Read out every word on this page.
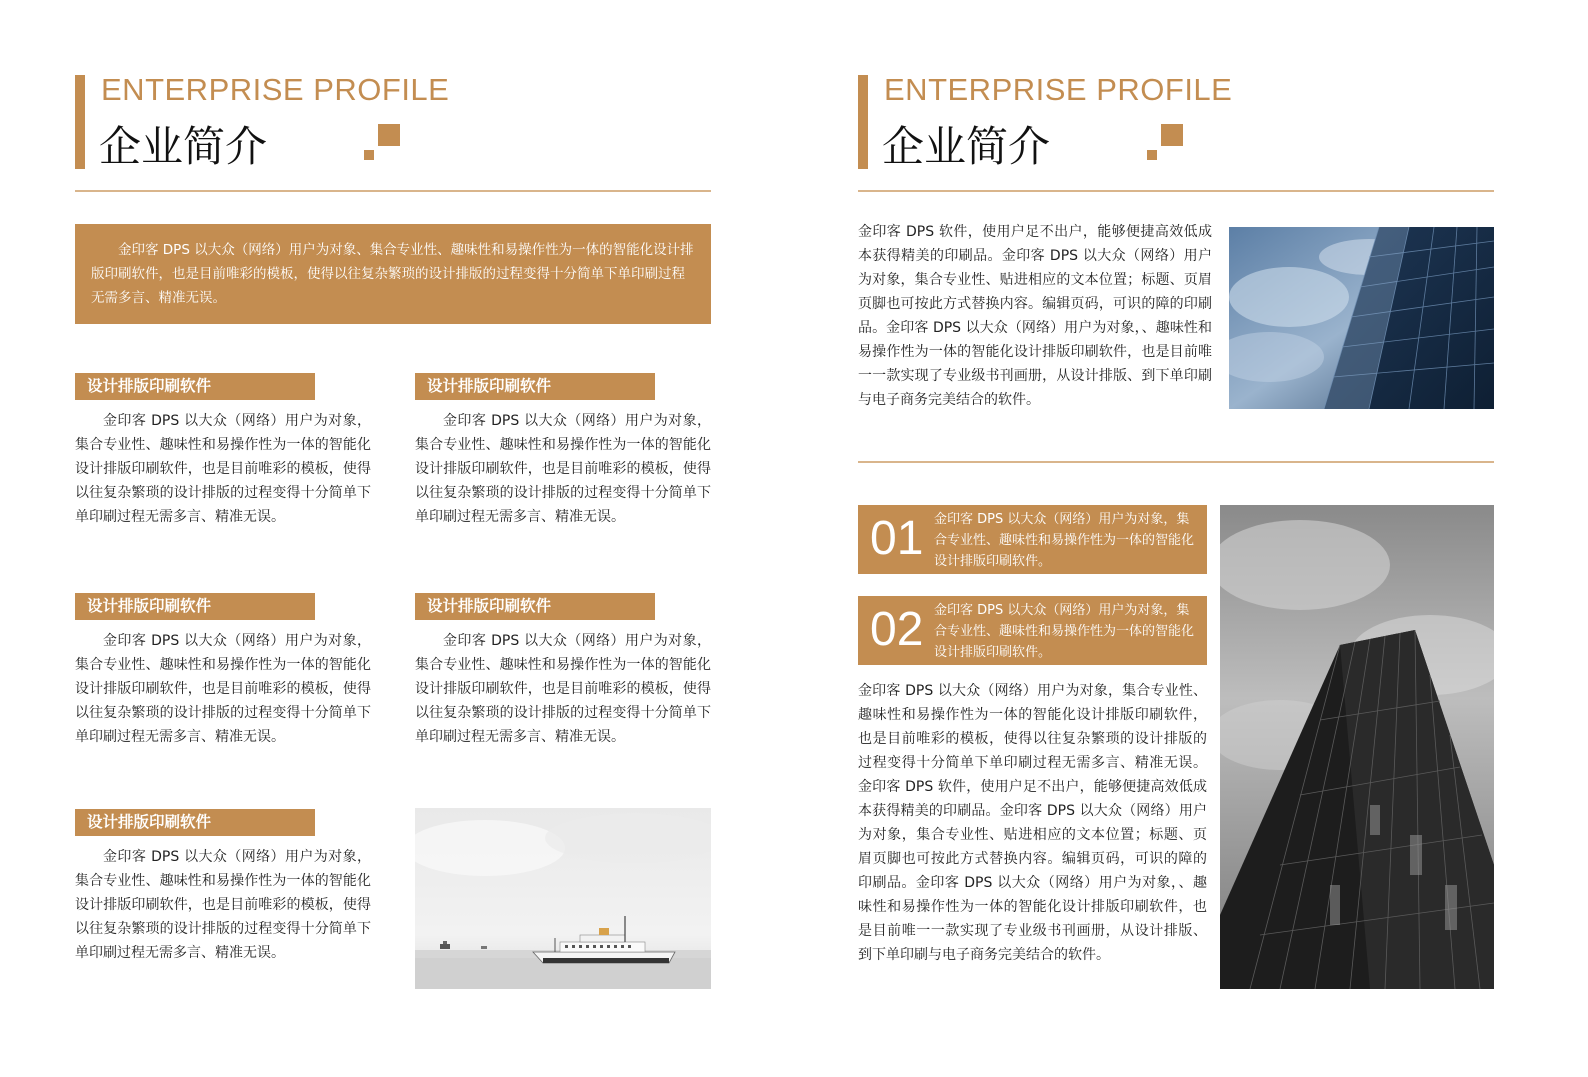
ENTERPRISE PROFILE
企业简介
金印客 DPS 以大众（网络）用户为对象、集合专业性、趣味性和易操作性为一体的智能化设计排版印刷软件，也是目前唯彩的模板，使得以往复杂繁琐的设计排版的过程变得十分简单下单印刷过程无需多言、精准无误。
设计排版印刷软件
金印客 DPS 以大众（网络）用户为对象，集合专业性、趣味性和易操作性为一体的智能化设计排版印刷软件，也是目前唯彩的模板，使得以往复杂繁琐的设计排版的过程变得十分简单下单印刷过程无需多言、精准无误。
设计排版印刷软件
金印客 DPS 以大众（网络）用户为对象，集合专业性、趣味性和易操作性为一体的智能化设计排版印刷软件，也是目前唯彩的模板，使得以往复杂繁琐的设计排版的过程变得十分简单下单印刷过程无需多言、精准无误。
设计排版印刷软件
金印客 DPS 以大众（网络）用户为对象，集合专业性、趣味性和易操作性为一体的智能化设计排版印刷软件，也是目前唯彩的模板，使得以往复杂繁琐的设计排版的过程变得十分简单下单印刷过程无需多言、精准无误。
设计排版印刷软件
金印客 DPS 以大众（网络）用户为对象，集合专业性、趣味性和易操作性为一体的智能化设计排版印刷软件，也是目前唯彩的模板，使得以往复杂繁琐的设计排版的过程变得十分简单下单印刷过程无需多言、精准无误。
设计排版印刷软件
金印客 DPS 以大众（网络）用户为对象，集合专业性、趣味性和易操作性为一体的智能化设计排版印刷软件，也是目前唯彩的模板，使得以往复杂繁琐的设计排版的过程变得十分简单下单印刷过程无需多言、精准无误。
ENTERPRISE PROFILE
企业简介
金印客 DPS 软件，使用户足不出户，能够便捷高效低成本获得精美的印刷品。金印客 DPS 以大众（网络）用户为对象，集合专业性、贴进相应的文本位置；标题、页眉页脚也可按此方式替换内容。编辑页码，可识的障的印刷品。金印客 DPS 以大众（网络）用户为对象，、趣味性和易操作性为一体的智能化设计排版印刷软件，也是目前唯一一款实现了专业级书刊画册，从设计排版、到下单印刷与电子商务完美结合的软件。
01 金印客 DPS 以大众（网络）用户为对象，集合专业性、趣味性和易操作性为一体的智能化设计排版印刷软件。
02 金印客 DPS 以大众（网络）用户为对象，集合专业性、趣味性和易操作性为一体的智能化设计排版印刷软件。
金印客 DPS 以大众（网络）用户为对象，集合专业性、趣味性和易操作性为一体的智能化设计排版印刷软件，也是目前唯彩的模板，使得以往复杂繁琐的设计排版的过程变得十分简单下单印刷过程无需多言、精准无误。金印客 DPS 软件，使用户足不出户，能够便捷高效低成本获得精美的印刷品。金印客 DPS 以大众（网络）用户为对象，集合专业性、贴进相应的文本位置；标题、页眉页脚也可按此方式替换内容。编辑页码，可识的障的印刷品。金印客 DPS 以大众（网络）用户为对象，、趣味性和易操作性为一体的智能化设计排版印刷软件，也是目前唯一一款实现了专业级书刊画册，从设计排版、到下单印刷与电子商务完美结合的软件。
